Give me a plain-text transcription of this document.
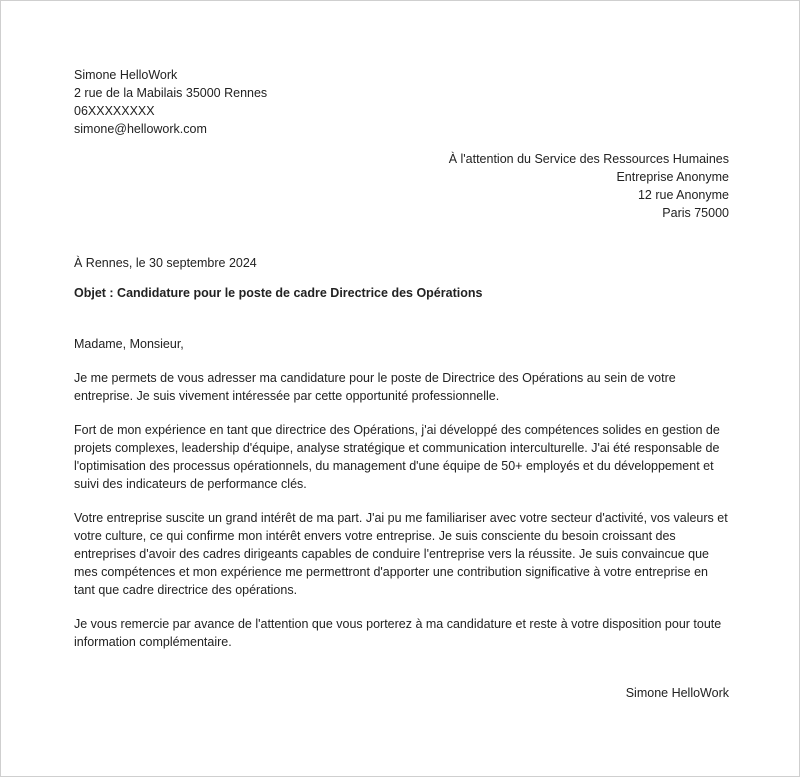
Simone HelloWork
2 rue de la Mabilais 35000 Rennes
06XXXXXXXX
simone@hellowork.com
À l'attention du Service des Ressources Humaines
Entreprise Anonyme
12 rue Anonyme
Paris 75000
À Rennes, le 30 septembre 2024
Objet : Candidature pour le poste de cadre Directrice des Opérations
Madame, Monsieur,
Je me permets de vous adresser ma candidature pour le poste de Directrice des Opérations au sein de votre entreprise. Je suis vivement intéressée par cette opportunité professionnelle.
Fort de mon expérience en tant que directrice des Opérations, j'ai développé des compétences solides en gestion de projets complexes, leadership d'équipe, analyse stratégique et communication interculturelle. J'ai été responsable de l'optimisation des processus opérationnels, du management d'une équipe de 50+ employés et du développement et suivi des indicateurs de performance clés.
Votre entreprise suscite un grand intérêt de ma part. J'ai pu me familiariser avec votre secteur d'activité, vos valeurs et votre culture, ce qui confirme mon intérêt envers votre entreprise. Je suis consciente du besoin croissant des entreprises d'avoir des cadres dirigeants capables de conduire l'entreprise vers la réussite. Je suis convaincue que mes compétences et mon expérience me permettront d'apporter une contribution significative à votre entreprise en tant que cadre directrice des opérations.
Je vous remercie par avance de l'attention que vous porterez à ma candidature et reste à votre disposition pour toute information complémentaire.
Simone HelloWork
